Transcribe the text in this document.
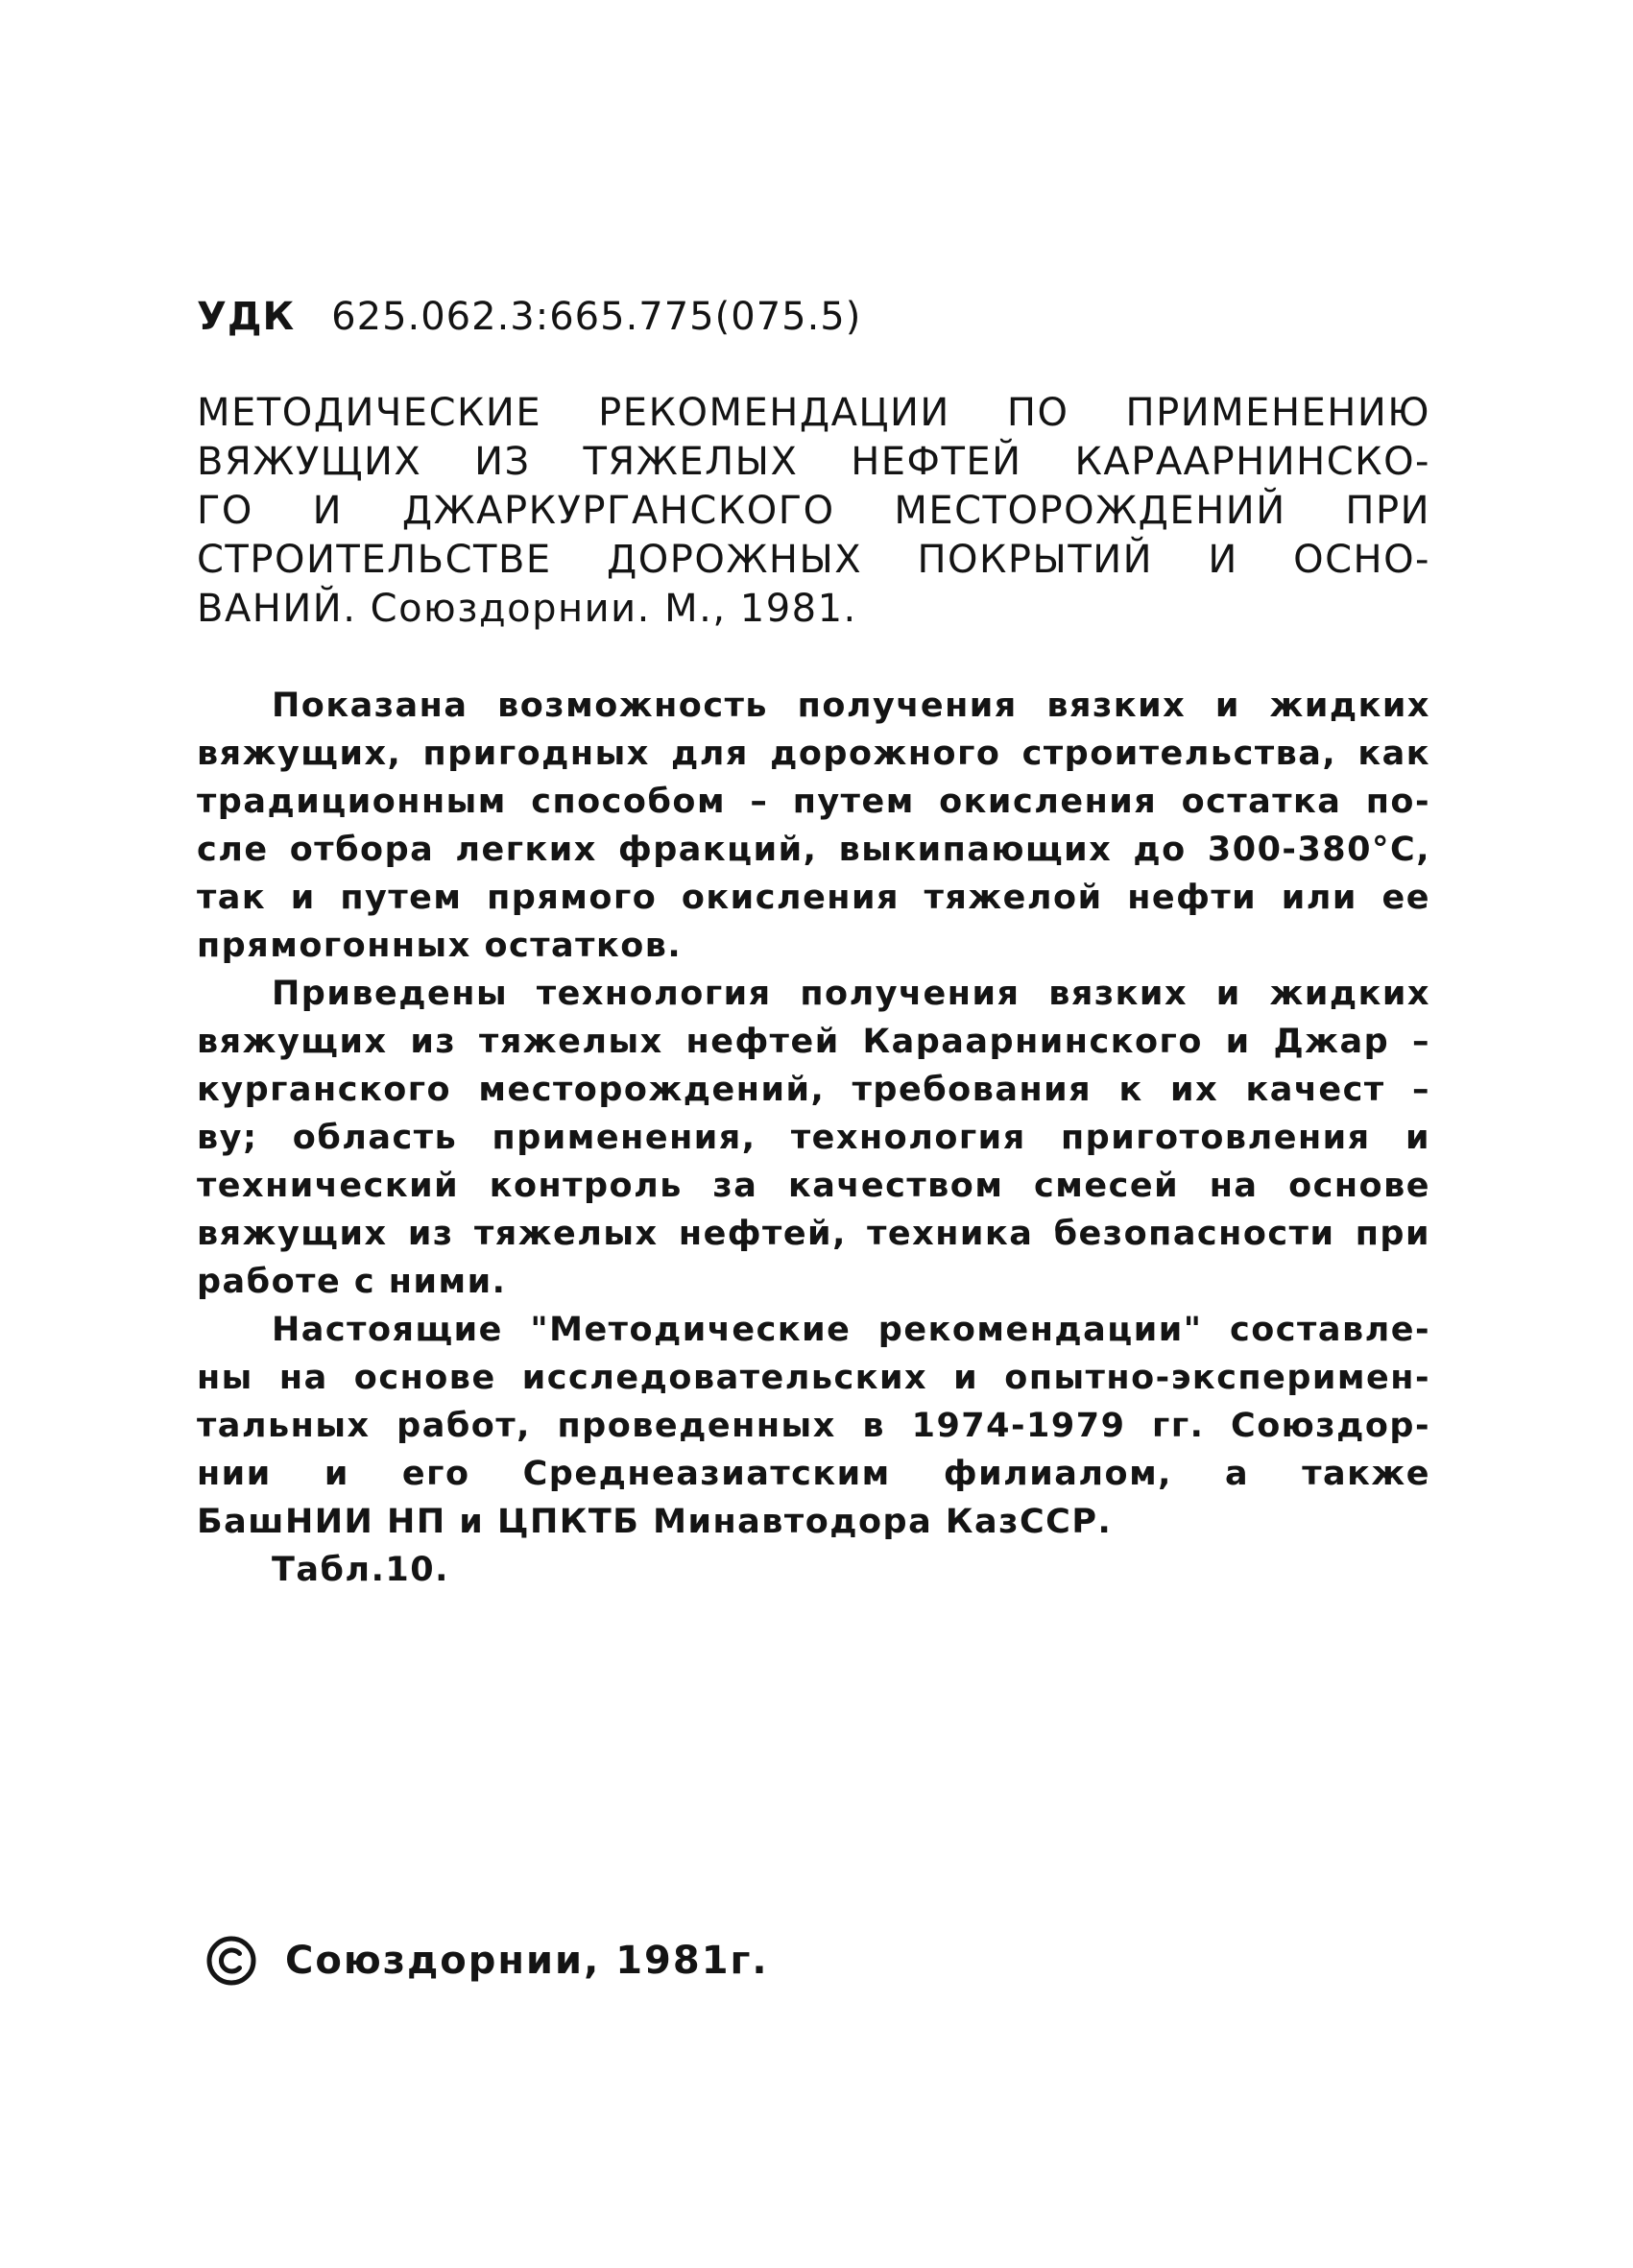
УДК 625.062.3:665.775(075.5)
МЕТОДИЧЕСКИЕ РЕКОМЕНДАЦИИ ПО ПРИМЕНЕНИЮ
ВЯЖУЩИХ ИЗ ТЯЖЕЛЫХ НЕФТЕЙ КАРААРНИНСКО-
ГО И ДЖАРКУРГАНСКОГО МЕСТОРОЖДЕНИЙ ПРИ
СТРОИТЕЛЬСТВЕ ДОРОЖНЫХ ПОКРЫТИЙ И ОСНО-
ВАНИЙ. Союздорнии. М., 1981.
Показана возможность получения вязких и жидких
вяжущих, пригодных для дорожного строительства, как
традиционным способом – путем окисления остатка по-
сле отбора легких фракций, выкипающих до 300-380°С,
так и путем прямого окисления тяжелой нефти или ее
прямогонных остатков.
Приведены технология получения вязких и жидких
вяжущих из тяжелых нефтей Караарнинского и Джар –
курганского месторождений, требования к их качест –
ву; область применения, технология приготовления и
технический контроль за качеством смесей на основе
вяжущих из тяжелых нефтей, техника безопасности при
работе с ними.
Настоящие "Методические рекомендации" составле-
ны на основе исследовательских и опытно-эксперимен-
тальных работ, проведенных в 1974-1979 гг. Союздор-
нии и его Среднеазиатским филиалом, а также
БашНИИ НП и ЦПКТБ Минавтодора КазССР.
Табл.10.
Союздорнии, 1981г.
